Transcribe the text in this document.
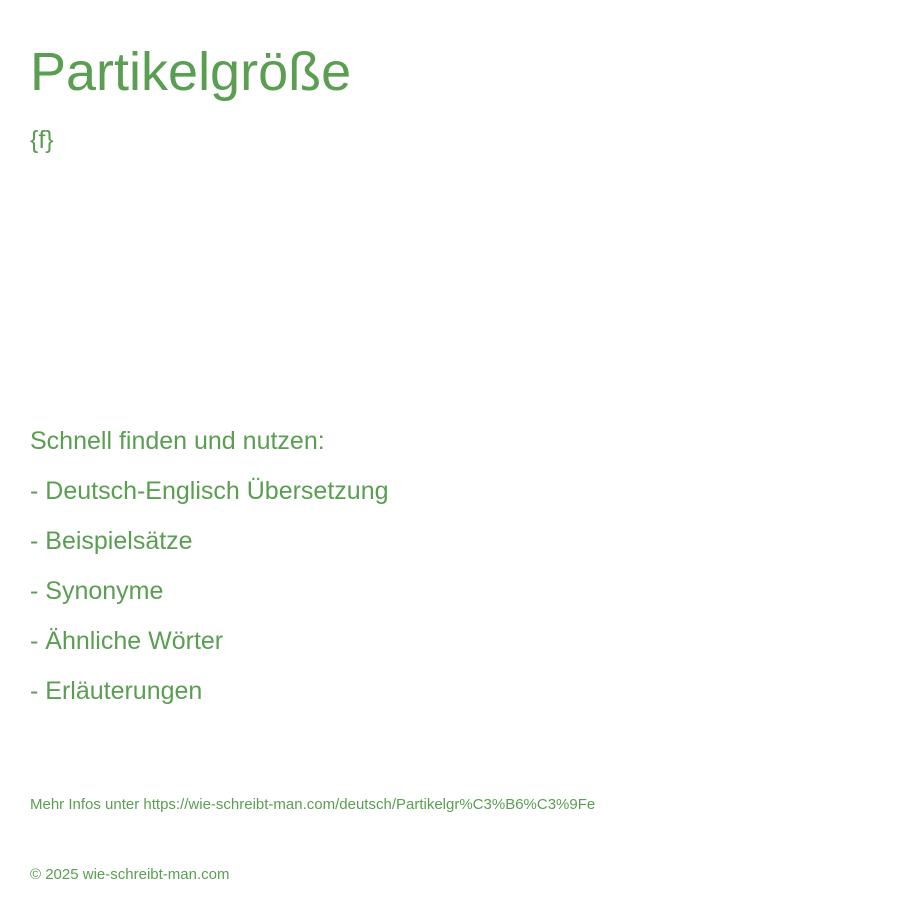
Partikelgröße
{f}
Schnell finden und nutzen:
- Deutsch-Englisch Übersetzung
- Beispielsätze
- Synonyme
- Ähnliche Wörter
- Erläuterungen
Mehr Infos unter https://wie-schreibt-man.com/deutsch/Partikelgr%C3%B6%C3%9Fe
© 2025 wie-schreibt-man.com
